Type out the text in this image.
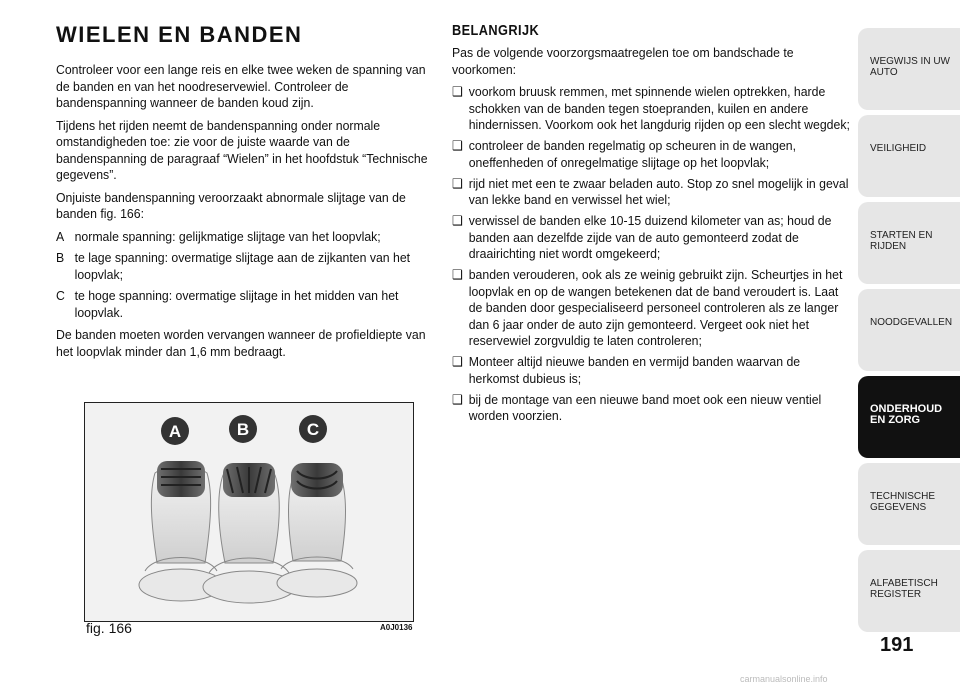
WIELEN EN BANDEN

Controleer voor een lange reis en elke twee weken de spanning van de banden en van het noodreservewiel. Controleer de bandenspanning wanneer de banden koud zijn.

Tijdens het rijden neemt de bandenspanning onder normale omstandigheden toe: zie voor de juiste waarde van de bandenspanning de paragraaf “Wielen” in het hoofdstuk “Technische gegevens”.

Onjuiste bandenspanning veroorzaakt abnormale slijtage van de banden fig. 166:

A normale spanning: gelijkmatige slijtage van het loopvlak;
B te lage spanning: overmatige slijtage aan de zijkanten van het loopvlak;
C te hoge spanning: overmatige slijtage in het midden van het loopvlak.

De banden moeten worden vervangen wanneer de profieldiepte van het loopvlak minder dan 1,6 mm bedraagt.

A	B	C
fig. 166	A0J0136
BELANGRIJK

Pas de volgende voorzorgsmaatregelen toe om bandschade te voorkomen:

❑ voorkom bruusk remmen, met spinnende wielen optrekken, harde schokken van de banden tegen stoepranden, kuilen en andere hindernissen. Voorkom ook het langdurig rijden op een slecht wegdek;
❑ controleer de banden regelmatig op scheuren in de wangen, oneffenheden of onregelmatige slijtage op het loopvlak;
❑ rijd niet met een te zwaar beladen auto. Stop zo snel mogelijk in geval van lekke band en verwissel het wiel;
❑ verwissel de banden elke 10-15 duizend kilometer van as; houd de banden aan dezelfde zijde van de auto gemonteerd zodat de draairichting niet wordt omgekeerd;
❑ banden verouderen, ook als ze weinig gebruikt zijn. Scheurtjes in het loopvlak en op de wangen betekenen dat de band veroudert is. Laat de banden door gespecialiseerd personeel controleren als ze langer dan 6 jaar onder de auto zijn gemonteerd. Vergeet ook niet het reservewiel zorgvuldig te laten controleren;
❑ Monteer altijd nieuwe banden en vermijd banden waarvan de herkomst dubieus is;
❑ bij de montage van een nieuwe band moet ook een nieuw ventiel worden voorzien.
WEGWIJS IN UW AUTO
VEILIGHEID
STARTEN EN RIJDEN
NOODGEVALLEN
ONDERHOUD EN ZORG
TECHNISCHE GEGEVENS
ALFABETISCH REGISTER
191
carmanualsonline.info
